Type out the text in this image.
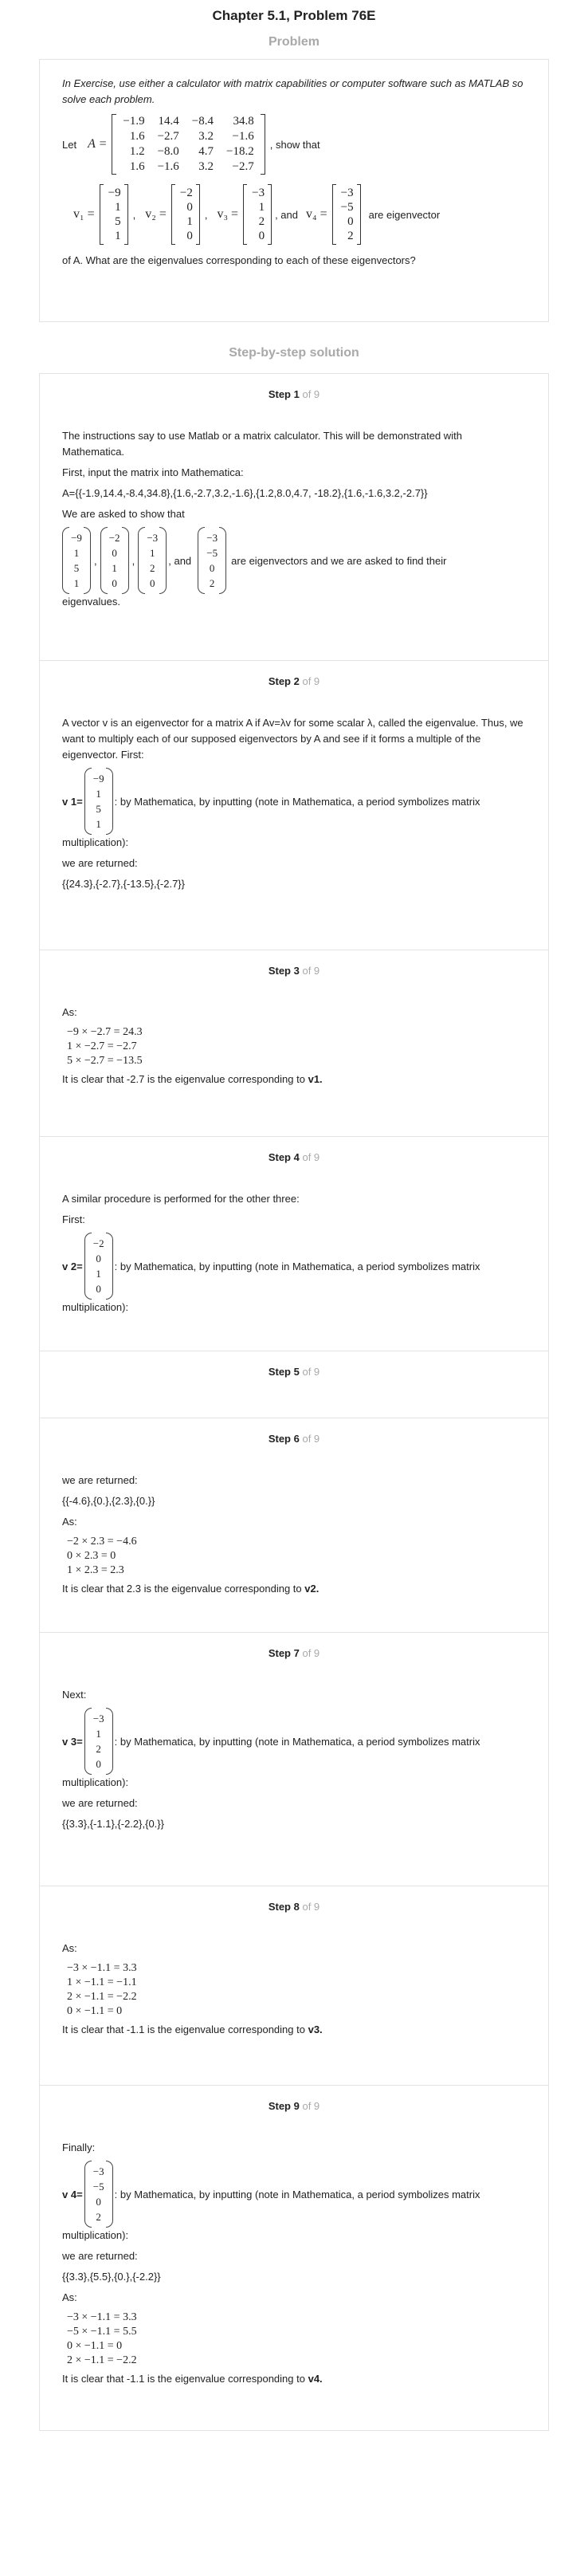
Chapter 5.1, Problem 76E
Problem
In Exercise, use either a calculator with matrix capabilities or computer software such as MATLAB so solve each problem.
Let A =
−1.9	14.4	−8.4	34.8
1.6	−2.7	3.2	−1.6
1.2	−8.0	4.7	−18.2
1.6	−1.6	3.2	−2.7
, show that
v₁ =
−9
1
5
1
, v₂ =
−2
0
1
0
, v₃ =
−3
1
2
0
, and v₄ =
−3
−5
0
2
are eigenvector
of A. What are the eigenvalues corresponding to each of these eigenvectors?
Step-by-step solution
Step 1 of 9
The instructions say to use Matlab or a matrix calculator. This will be demonstrated with Mathematica.
First, input the matrix into Mathematica:
A={{-1.9,14.4,-8.4,34.8},{1.6,-2.7,3.2,-1.6},{1.2,8.0,4.7, -18.2},{1.6,-1.6,3.2,-2.7}}
We are asked to show that
−9
1
5
1
,
−2
0
1
0
,
−3
1
2
0
, and
−3
−5
0
2
are eigenvectors and we are asked to find their
eigenvalues.
Step 2 of 9
A vector v is an eigenvector for a matrix A if Av=λv for some scalar λ, called the eigenvalue. Thus, we want to multiply each of our supposed eigenvectors by A and see if it forms a multiple of the eigenvector. First:
v 1=
−9
1
5
1
: by Mathematica, by inputting (note in Mathematica, a period symbolizes matrix
multiplication):
we are returned:
{{24.3},{-2.7},{-13.5},{-2.7}}
Step 3 of 9
As:
−9 × −2.7 = 24.3
1 × −2.7 = −2.7
5 × −2.7 = −13.5
It is clear that -2.7 is the eigenvalue corresponding to v1.
Step 4 of 9
A similar procedure is performed for the other three:
First:
v 2=
−2
0
1
0
: by Mathematica, by inputting (note in Mathematica, a period symbolizes matrix
multiplication):
Step 5 of 9
Step 6 of 9
we are returned:
{{-4.6},{0.},{2.3},{0.}}
As:
−2 × 2.3 = −4.6
0 × 2.3 = 0
1 × 2.3 = 2.3
It is clear that 2.3 is the eigenvalue corresponding to v2.
Step 7 of 9
Next:
v 3=
−3
1
2
0
: by Mathematica, by inputting (note in Mathematica, a period symbolizes matrix
multiplication):
we are returned:
{{3.3},{-1.1},{-2.2},{0.}}
Step 8 of 9
As:
−3 × −1.1 = 3.3
1 × −1.1 = −1.1
2 × −1.1 = −2.2
0 × −1.1 = 0
It is clear that -1.1 is the eigenvalue corresponding to v3.
Step 9 of 9
Finally:
v 4=
−3
−5
0
2
: by Mathematica, by inputting (note in Mathematica, a period symbolizes matrix
multiplication):
we are returned:
{{3.3},{5.5},{0.},{-2.2}}
As:
−3 × −1.1 = 3.3
−5 × −1.1 = 5.5
0 × −1.1 = 0
2 × −1.1 = −2.2
It is clear that -1.1 is the eigenvalue corresponding to v4.
